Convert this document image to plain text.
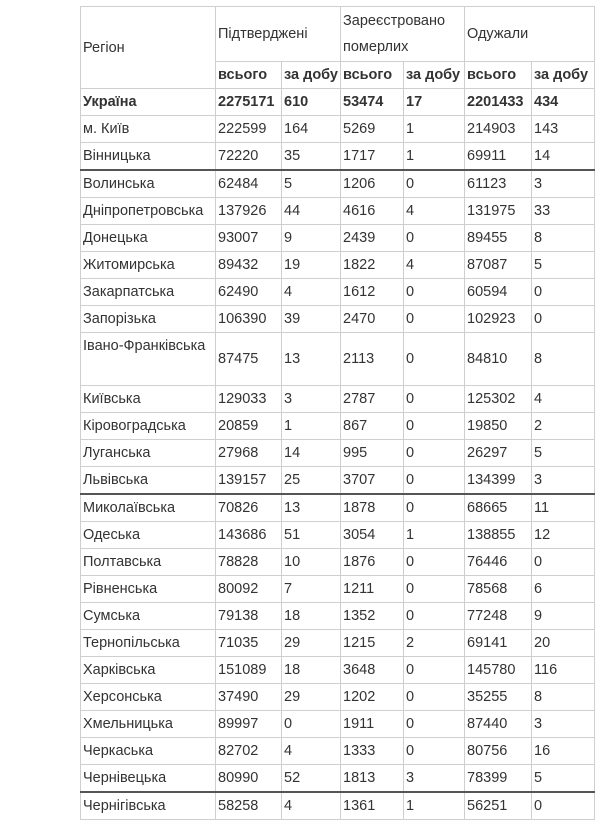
Регіон	Підтверджені		Зареєстровано померлих		Одужали	
	всього	за добу	всього	за добу	всього	за добу
Україна	2275171	610	53474	17	2201433	434
м. Київ	222599	164	5269	1	214903	143
Вінницька	72220	35	1717	1	69911	14
Волинська	62484	5	1206	0	61123	3
Дніпропетровська	137926	44	4616	4	131975	33
Донецька	93007	9	2439	0	89455	8
Житомирська	89432	19	1822	4	87087	5
Закарпатська	62490	4	1612	0	60594	0
Запорізька	106390	39	2470	0	102923	0
Івано-Франківська	87475	13	2113	0	84810	8
Київська	129033	3	2787	0	125302	4
Кіровоградська	20859	1	867	0	19850	2
Луганська	27968	14	995	0	26297	5
Львівська	139157	25	3707	0	134399	3
Миколаївська	70826	13	1878	0	68665	11
Одеська	143686	51	3054	1	138855	12
Полтавська	78828	10	1876	0	76446	0
Рівненська	80092	7	1211	0	78568	6
Сумська	79138	18	1352	0	77248	9
Тернопільська	71035	29	1215	2	69141	20
Харківська	151089	18	3648	0	145780	116
Херсонська	37490	29	1202	0	35255	8
Хмельницька	89997	0	1911	0	87440	3
Черкаська	82702	4	1333	0	80756	16
Чернівецька	80990	52	1813	3	78399	5
Чернігівська	58258	4	1361	1	56251	0
